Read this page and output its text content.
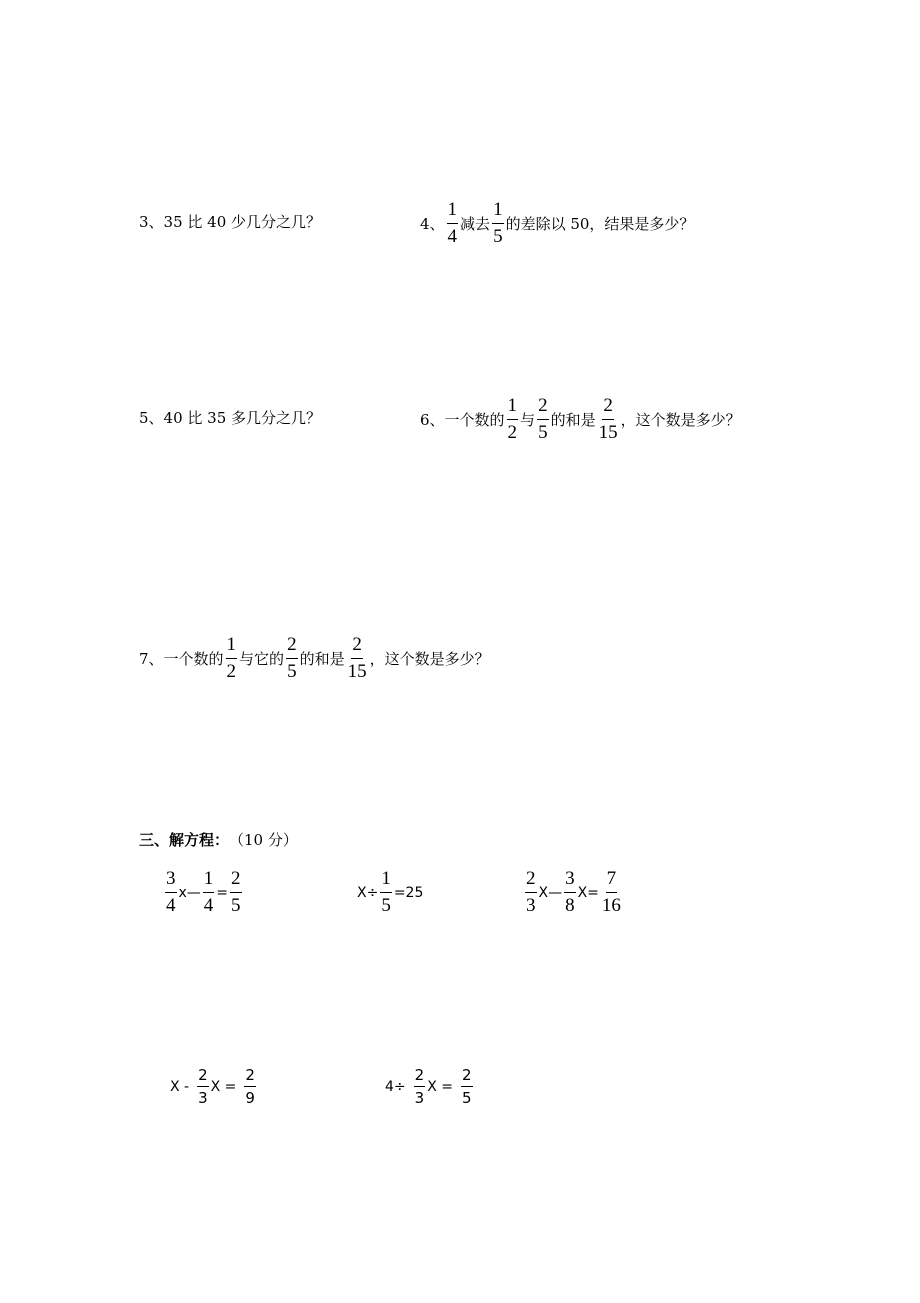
3、35 比 40 少几分之几？	4、 $\frac{1}{4}$ 减去 $\frac{1}{5}$ 的差除以 50，结果是多少？
5、40 比 35 多几分之几？	6、一个数的 $\frac{1}{2}$ 与 $\frac{2}{5}$ 的和是 $\frac{2}{15}$ ，这个数是多少？
7、一个数的 $\frac{1}{2}$ 与它的 $\frac{2}{5}$ 的和是 $\frac{2}{15}$ ，这个数是多少？
三、解方程： （10 分）
$\frac{3}{4}$ x— $\frac{1}{4} = \frac{2}{5}$	$X\div \frac{1}{5} =25$	$\frac{2}{3}$ X— $\frac{3}{8} X= \frac{7}{16}$
X - $\frac{2}{3}$ $X = \frac{2}{9}$	$4\div \frac{2}{3}$ $X = \frac{2}{5}$
